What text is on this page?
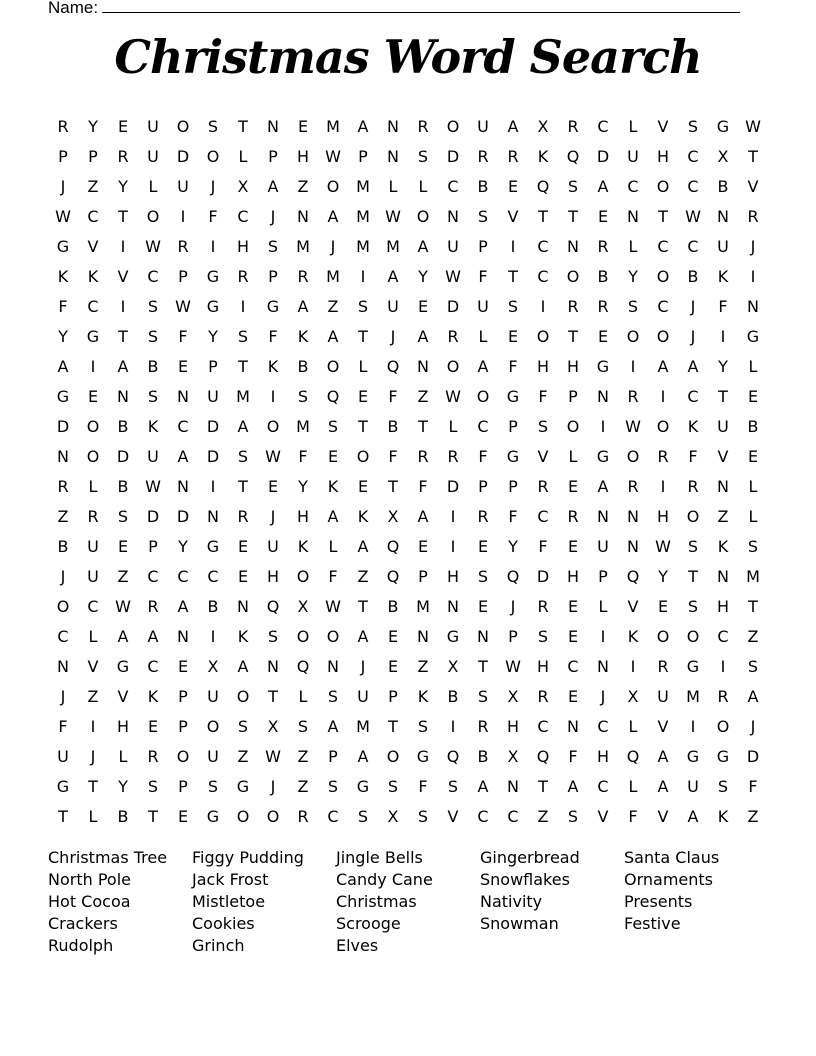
Name:
Christmas Word Search
R	Y	E	U	O	S	T	N	E	M	A	N	R	O	U	A	X	R	C	L	V	S	G W
P	P	R	U	D	O	L	P	H	W	P	N	S	D	R	R	K	Q	D	U	H	C	X	T
J	Z	Y	L	U	J	X	A	Z	O	M	L	L	C	B	E	Q	S	A	C	O	C	B	V
W	C	T	O	I	F	C	J	N	A	M W O	N	S	V	T	T	E	N	T	W	N	R
G	V	I	W	R	I	H	S	M	J	M	M	A	U	P	I	C	N	R	L	C	C	U	J
K	K	V	C	P	G	R	P	R	M	I	A	Y	W	F	T	C	O	B	Y	O	B	K	I
F	C	I	S	W G	I	G	A	Z	S	U	E	D	U	S	I	R	R	S	C	J	F	N
Y	G	T	S	F	Y	S	F	K	A	T	J	A	R	L	E	O	T	E	O	O	J	I	G
A	I	A	B	E	P	T	K	B	O	L	Q	N	O	A	F	H	H	G	I	A	A	Y	L
G	E	N	S	N	U	M	I	S	Q	E	F	Z	W O	G	F	P	N	R	I	C	T	E
D	O	B	K	C	D	A	O	M	S	T	B	T	L	C	P	S	O	I	W O	K	U	B
N	O	D	U	A	D	S	W	F	E	O	F	R	R	F	G	V	L	G	O	R	F	V	E
R	L	B	W	N	I	T	E	Y	K	E	T	F	D	P	P	R	E	A	R	I	R	N	L
Z	R	S	D	D	N	R	J	H	A	K	X	A	I	R	F	C	R	N	N	H	O	Z	L
B	U	E	P	Y	G	E	U	K	L	A	Q	E	I	E	Y	F	E	U	N	W	S	K	S
J	U	Z	C	C	C	E	H	O	F	Z	Q	P	H	S	Q	D	H	P	Q	Y	T	N	M
O	C	W	R	A	B	N	Q	X	W	T	B	M	N	E	J	R	E	L	V	E	S	H	T
C	L	A	A	N	I	K	S	O	O	A	E	N	G	N	P	S	E	I	K	O	O	C	Z
N	V	G	C	E	X	A	N	Q	N	J	E	Z	X	T	W	H	C	N	I	R	G	I	S
J	Z	V	K	P	U	O	T	L	S	U	P	K	B	S	X	R	E	J	X	U	M	R	A
F	I	H	E	P	O	S	X	S	A	M	T	S	I	R	H	C	N	C	L	V	I	O	J
U	J	L	R	O	U	Z	W	Z	P	A	O	G	Q	B	X	Q	F	H	Q	A	G	G	D
G	T	Y	S	P	S	G	J	Z	S	G	S	F	S	A	N	T	A	C	L	A	U	S	F
T	L	B	T	E	G	O	O	R	C	S	X	S	V	C	C	Z	S	V	F	V	A	K	Z
Christmas Tree
North Pole
Hot Cocoa
Crackers
Rudolph
Figgy Pudding
Jack Frost
Mistletoe
Cookies
Grinch
Jingle Bells
Candy Cane
Christmas
Scrooge
Elves
Gingerbread
Snowflakes
Nativity
Snowman
Santa Claus
Ornaments
Presents
Festive
